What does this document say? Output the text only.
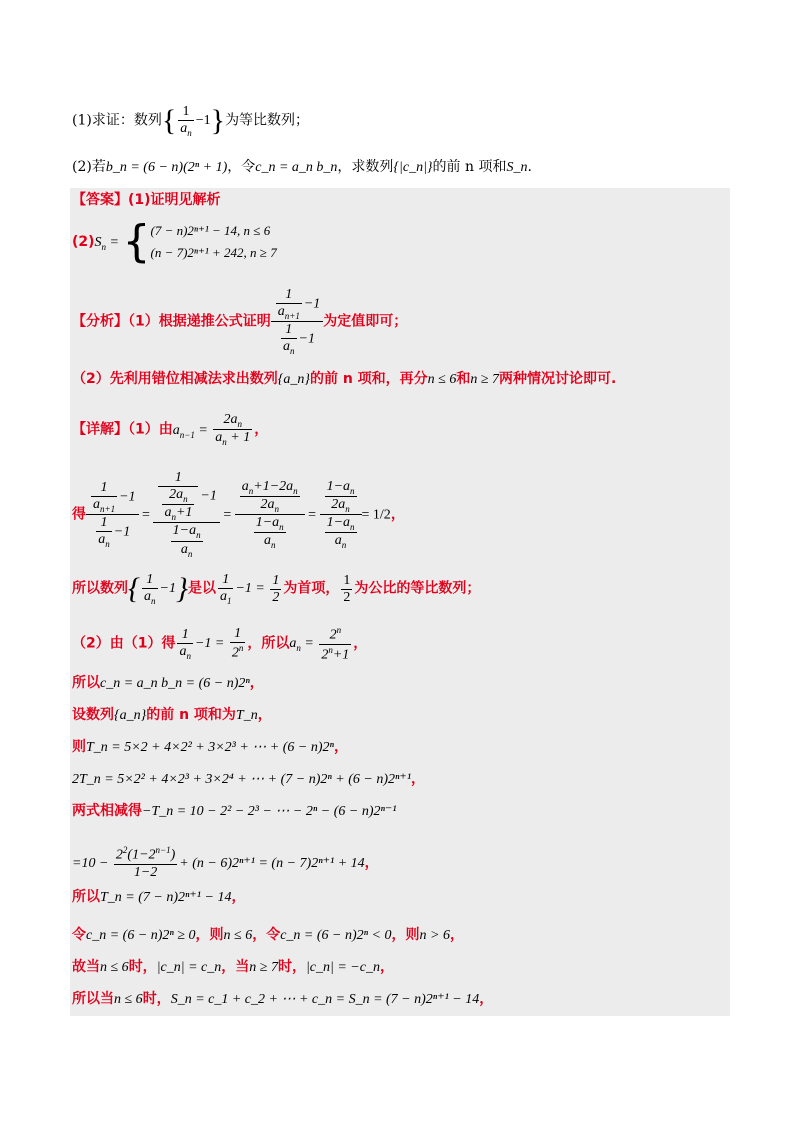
(1)求证：数列{ $\frac{1}{a_n} -1$}为等比数列；
(2)若b_n = (6 − n)(2ⁿ + 1)，令c_n = a_n b_n，求数列{|c_n|}的前 n 项和S_n.
【答案】(1)证明见解析
$(2)S_n$ = { (7 − n)2ⁿ⁺¹ − 14, n ≤ 6
(n − 7)2ⁿ⁺¹ + 242, n ≥ 7
【分析】（1）根据递推公式证明 $\frac{\frac{1}{a_{n+1}} -1}{\frac{1}{a_n} -1}$ 为定值即可；
（2）先利用错位相减法求出数列{a_n}的前 n 项和，再分n ≤ 6和n ≥ 7两种情况讨论即可.
【详解】（1）由$a_{n-1} = \frac{2a_n}{a_n + 1}$ ，
得 $\frac{\frac{1}{a_{n+1}} -1}{\frac{1}{a_n} -1} = 1$
$2a_n$
$a_n+1 -1$
$\frac{1-a_n}{a_n}$
=
$\frac{a_n+1-2a_n}{2a_n}$
$\frac{1-a_n}{a_n}$ =
$\frac{1-a_n}{2a_n}$
$\frac{1-a_n}{a_n} = 1/2$，
所以数列{ $\frac{1}{a_n} -1$}是以 $\frac{1}{a_1} -1 = \frac{1}{2}$ 为首项， $\frac{1}{2}$ 为公比的等比数列；
（2）由（1）得 $\frac{1}{a_n} -1 = \frac{1}{2^n}$ ，所以$a_n = \frac{2^n}{2^n+1}$ ，
所以c_n = a_n b_n = (6 − n)2ⁿ，
设数列{a_n}的前 n 项和为T_n，
则T_n = 5×2 + 4×2² + 3×2³ + ⋯ + (6 − n)2ⁿ，
2T_n = 5×2² + 4×2³ + 3×2⁴ + ⋯ + (7 − n)2ⁿ + (6 − n)2ⁿ⁺¹，
两式相减得−T_n = 10 − 2² − 2³ − ⋯ − 2ⁿ − (6 − n)2ⁿ⁻¹
$=10 - \frac{2^2(1-2^{n-1})}{1-2} + (n - 6)2^{n+1} = (n - 7)2^{n+1} + 14$，
所以T_n = (7 − n)2ⁿ⁺¹ − 14，
令c_n = (6 − n)2ⁿ ≥ 0，则n ≤ 6，令c_n = (6 − n)2ⁿ < 0，则n > 6，
故当n ≤ 6时，|c_n| = c_n，当n ≥ 7时，|c_n| = −c_n，
所以当n ≤ 6时，S_n = c_1 + c_2 + ⋯ + c_n = S_n = (7 − n)2ⁿ⁺¹ − 14，
